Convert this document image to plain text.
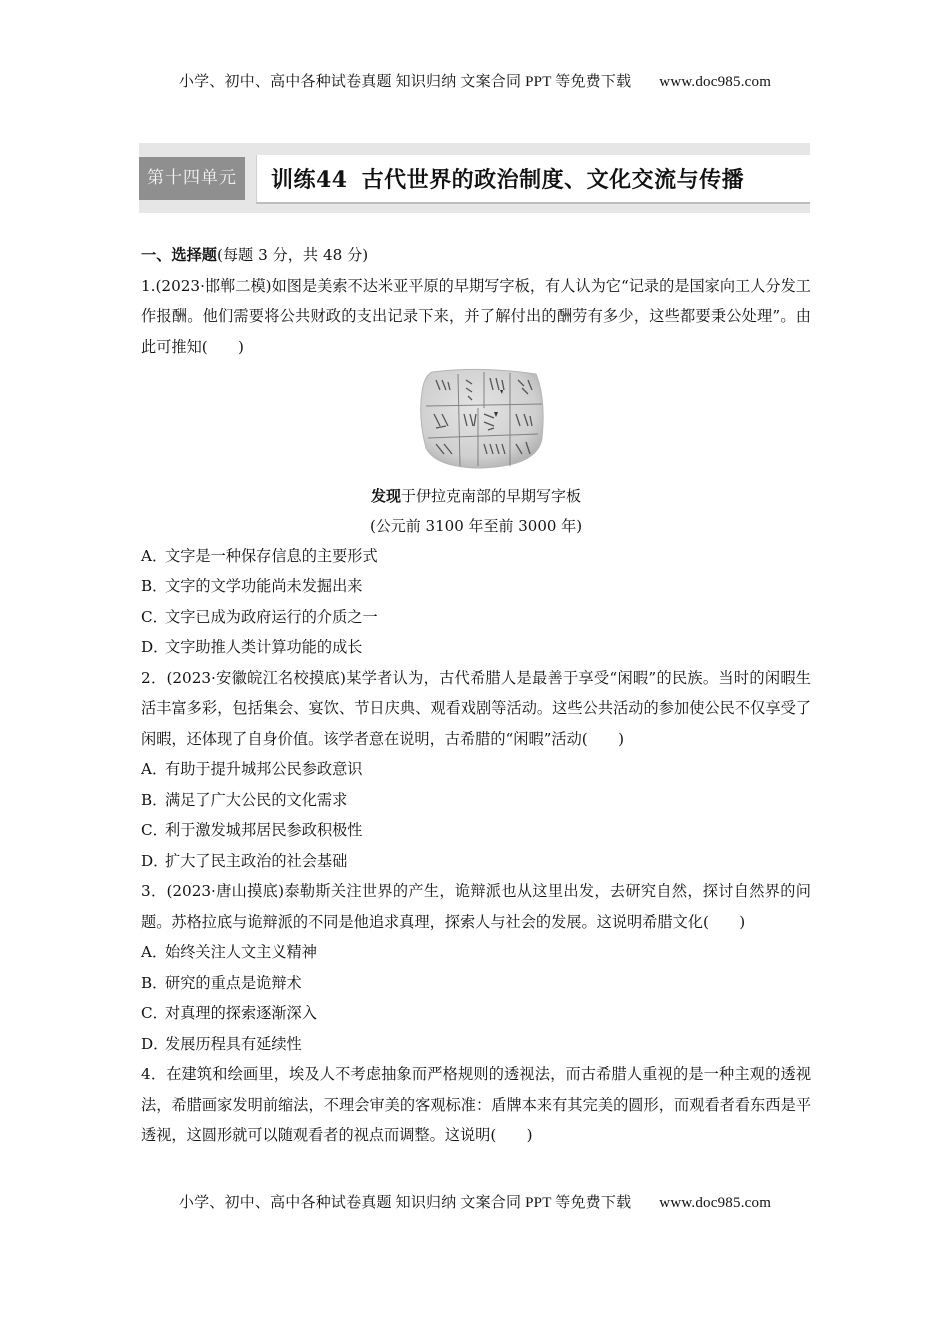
小学、初中、高中各种试卷真题 知识归纳 文案合同 PPT 等免费下载 www.doc985.com
第十四单元	训练44 古代世界的政治制度、文化交流与传播
一、选择题(每题 3 分，共 48 分)
1.(2023·邯郸二模)如图是美索不达米亚平原的早期写字板，有人认为它“记录的是国家向工人分发工作报酬。他们需要将公共财政的支出记录下来，并了解付出的酬劳有多少，这些都要秉公处理”。由此可推知(　　)
发现于伊拉克南部的早期写字板
(公元前 3100 年至前 3000 年)
A．文字是一种保存信息的主要形式
B．文字的文学功能尚未发掘出来
C．文字已成为政府运行的介质之一
D．文字助推人类计算功能的成长
2．(2023·安徽皖江名校摸底)某学者认为，古代希腊人是最善于享受“闲暇”的民族。当时的闲暇生活丰富多彩，包括集会、宴饮、节日庆典、观看戏剧等活动。这些公共活动的参加使公民不仅享受了闲暇，还体现了自身价值。该学者意在说明，古希腊的“闲暇”活动(　　)
A．有助于提升城邦公民参政意识
B．满足了广大公民的文化需求
C．利于激发城邦居民参政积极性
D．扩大了民主政治的社会基础
3．(2023·唐山摸底)泰勒斯关注世界的产生，诡辩派也从这里出发，去研究自然，探讨自然界的问题。苏格拉底与诡辩派的不同是他追求真理，探索人与社会的发展。这说明希腊文化(　　)
A．始终关注人文主义精神
B．研究的重点是诡辩术
C．对真理的探索逐渐深入
D．发展历程具有延续性
4．在建筑和绘画里，埃及人不考虑抽象而严格规则的透视法，而古希腊人重视的是一种主观的透视法，希腊画家发明前缩法，不理会审美的客观标准：盾牌本来有其完美的圆形，而观看者看东西是平透视，这圆形就可以随观看者的视点而调整。这说明(　　)
小学、初中、高中各种试卷真题 知识归纳 文案合同 PPT 等免费下载 www.doc985.com
